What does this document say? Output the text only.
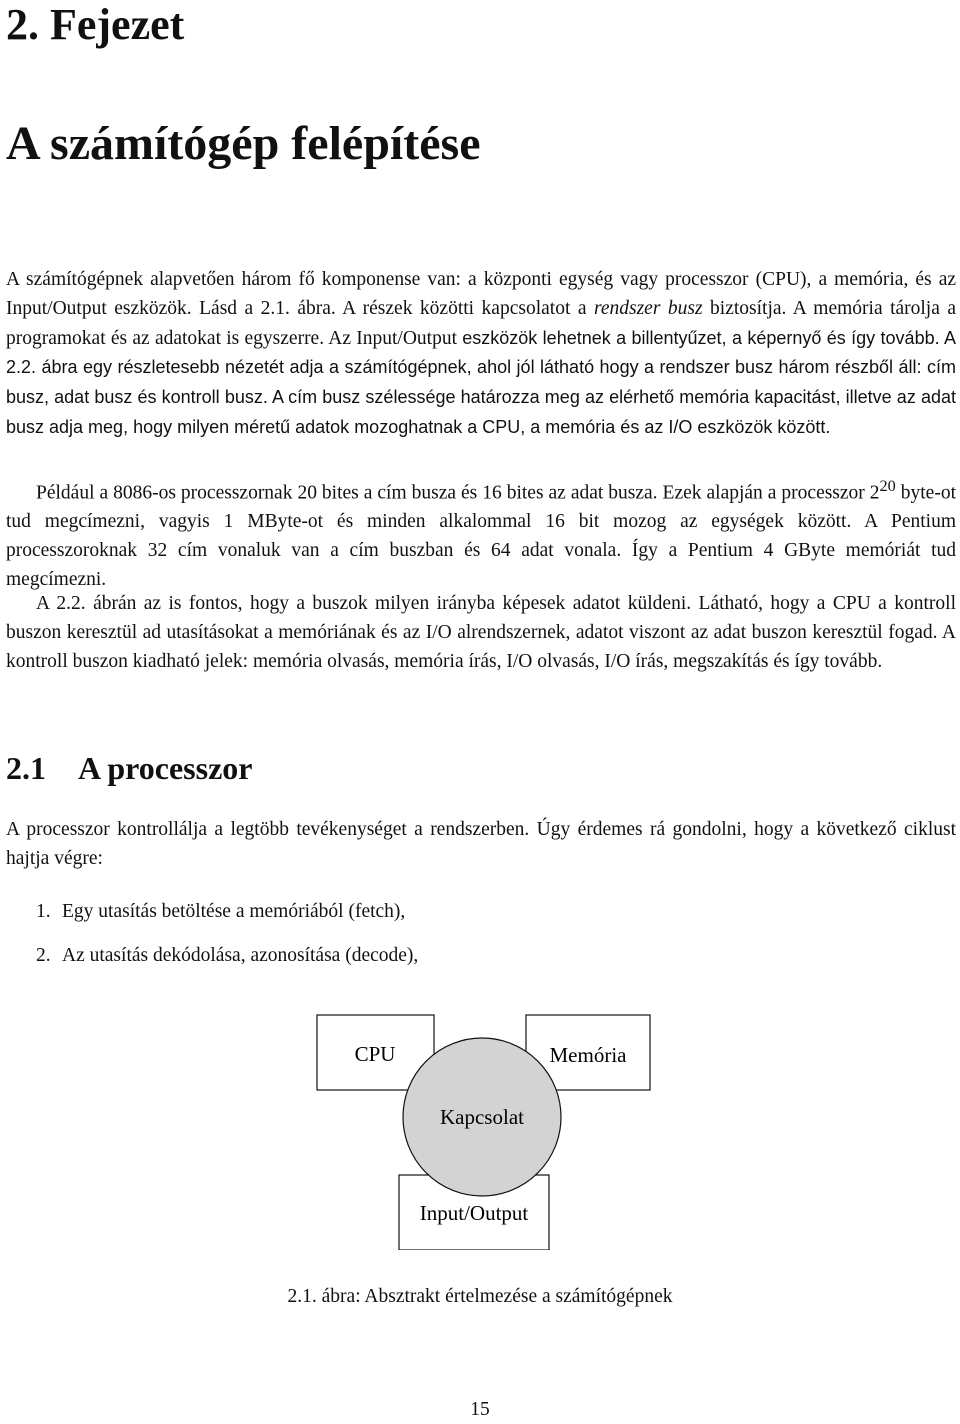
2. Fejezet
A számítógép felépítése

A számítógépnek alapvetően három fő komponense van: a központi egység vagy processzor (CPU), a memória, és az Input/Output eszközök. Lásd a 2.1. ábra. A részek közötti kapcsolatot a rendszer busz biztosítja. A memória tárolja a programokat és az adatokat is egyszerre. Az Input/Output eszközök lehetnek a billentyűzet, a képernyő és így tovább. A 2.2. ábra egy részletesebb nézetét adja a számítógépnek, ahol jól látható hogy a rendszer busz három részből áll: cím busz, adat busz és kontroll busz. A cím busz szélessége határozza meg az elérhető memória kapacitást, illetve az adat busz adja meg, hogy milyen méretű adatok mozoghatnak a CPU, a memória és az I/O eszközök között.

Például a 8086-os processzornak 20 bites a cím busza és 16 bites az adat busza. Ezek alapján a processzor $2^{20}$ byte-ot tud megcímezni, vagyis 1 MByte-ot és minden alkalommal 16 bit mozog az egységek között. A Pentium processzoroknak 32 cím vonaluk van a cím buszban és 64 adat vonala. Így a Pentium 4 GByte memóriát tud megcímezni.

A 2.2. ábrán az is fontos, hogy a buszok milyen irányba képesek adatot küldeni. Látható, hogy a CPU a kontroll buszon keresztül ad utasításokat a memóriának és az I/O alrendszernek, adatot viszont az adat buszon keresztül fogad. A kontroll buszon kiadható jelek: memória olvasás, memória írás, I/O olvasás, I/O írás, megszakítás és így tovább.

2.1 A processzor

A processzor kontrollálja a legtöbb tevékenységet a rendszerben. Úgy érdemes rá gondolni, hogy a következő ciklust hajtja végre:

1. Egy utasítás betöltése a memóriából (fetch),

2. Az utasítás dekódolása, azonosítása (decode),

CPU	Memória
Kapcsolat
Input/Output

2.1. ábra: Absztrakt értelmezése a számítógépnek

15
